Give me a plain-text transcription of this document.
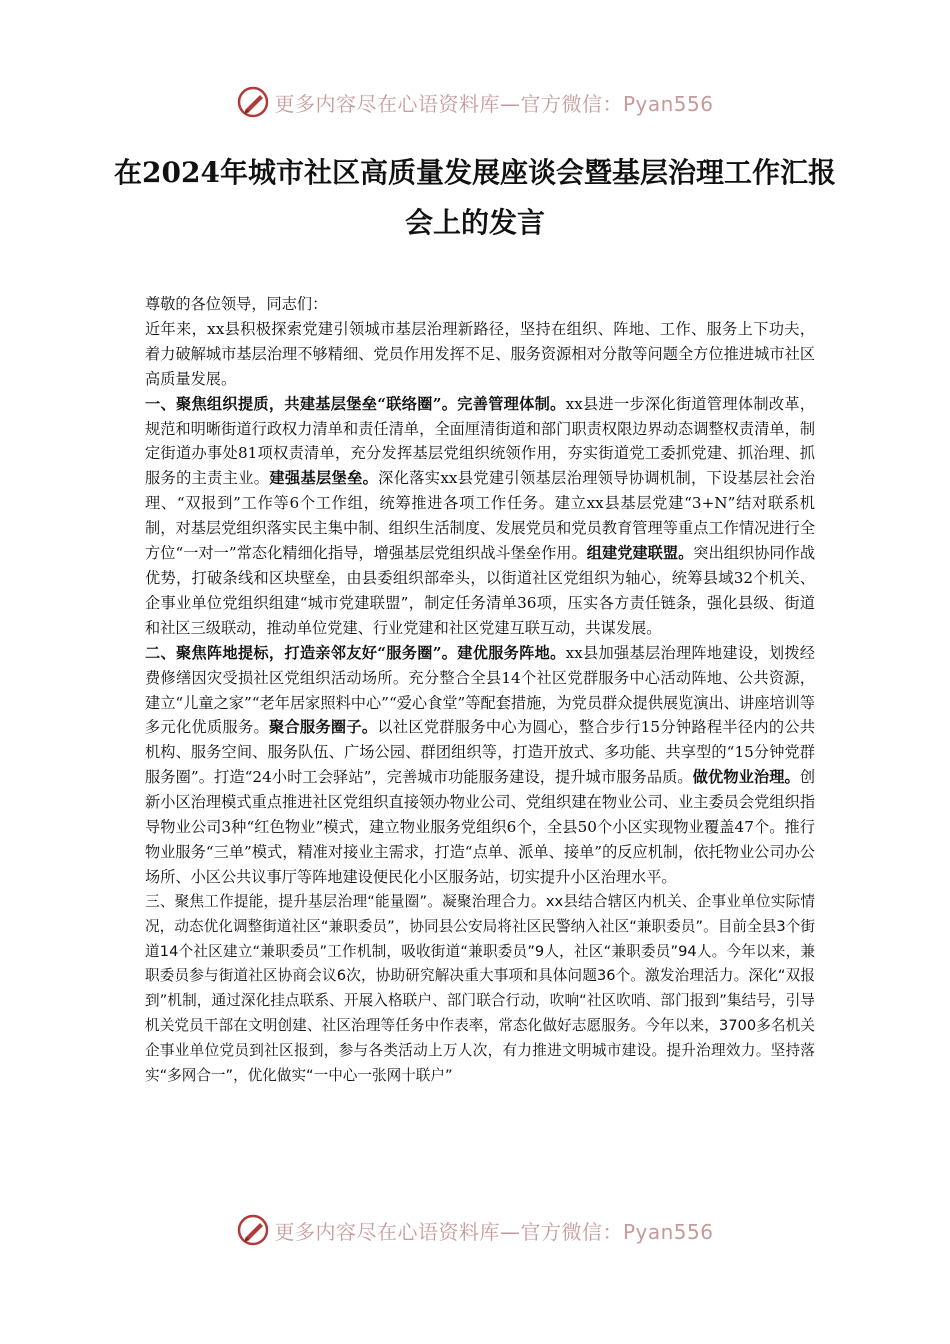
更多内容尽在心语资料库—官方微信：Pyan556
在2024年城市社区高质量发展座谈会暨基层治理工作汇报会上的发言

尊敬的各位领导，同志们：

近年来，xx县积极探索党建引领城市基层治理新路径，坚持在组织、阵地、工作、服务上下功夫，着力破解城市基层治理不够精细、党员作用发挥不足、服务资源相对分散等问题全方位推进城市社区高质量发展。

一、聚焦组织提质，共建基层堡垒“联络圈”。完善管理体制。xx县进一步深化街道管理体制改革，规范和明晰街道行政权力清单和责任清单，全面厘清街道和部门职责权限边界动态调整权责清单，制定街道办事处81项权责清单，充分发挥基层党组织统领作用，夯实街道党工委抓党建、抓治理、抓服务的主责主业。建强基层堡垒。深化落实xx县党建引领基层治理领导协调机制，下设基层社会治理、“双报到”工作等6个工作组，统筹推进各项工作任务。建立xx县基层党建“3+N”结对联系机制，对基层党组织落实民主集中制、组织生活制度、发展党员和党员教育管理等重点工作情况进行全方位“一对一”常态化精细化指导，增强基层党组织战斗堡垒作用。组建党建联盟。突出组织协同作战优势，打破条线和区块壁垒，由县委组织部牵头，以街道社区党组织为轴心，统筹县域32个机关、企事业单位党组织组建“城市党建联盟”，制定任务清单36项，压实各方责任链条，强化县级、街道和社区三级联动，推动单位党建、行业党建和社区党建互联互动，共谋发展。

二、聚焦阵地提标，打造亲邻友好“服务圈”。建优服务阵地。xx县加强基层治理阵地建设，划拨经费修缮因灾受损社区党组织活动场所。充分整合全县14个社区党群服务中心活动阵地、公共资源，建立“儿童之家”“老年居家照料中心”“爱心食堂”等配套措施，为党员群众提供展览演出、讲座培训等多元化优质服务。聚合服务圈子。以社区党群服务中心为圆心，整合步行15分钟路程半径内的公共机构、服务空间、服务队伍、广场公园、群团组织等，打造开放式、多功能、共享型的“15分钟党群服务圈”。打造“24小时工会驿站”，完善城市功能服务建设，提升城市服务品质。做优物业治理。创新小区治理模式重点推进社区党组织直接领办物业公司、党组织建在物业公司、业主委员会党组织指导物业公司3种“红色物业”模式，建立物业服务党组织6个，全县50个小区实现物业覆盖47个。推行物业服务“三单”模式，精准对接业主需求，打造“点单、派单、接单”的反应机制，依托物业公司办公场所、小区公共议事厅等阵地建设便民化小区服务站，切实提升小区治理水平。

三、聚焦工作提能，提升基层治理“能量圈”。凝聚治理合力。xx县结合辖区内机关、企事业单位实际情况，动态优化调整街道社区“兼职委员”，协同县公安局将社区民警纳入社区“兼职委员”。目前全县3个街道14个社区建立“兼职委员”工作机制，吸收街道“兼职委员”9人，社区“兼职委员”94人。今年以来，兼职委员参与街道社区协商会议6次，协助研究解决重大事项和具体问题36个。激发治理活力。深化“双报到”机制，通过深化挂点联系、开展入格联户、部门联合行动，吹响“社区吹哨、部门报到”集结号，引导机关党员干部在文明创建、社区治理等任务中作表率，常态化做好志愿服务。今年以来，3700多名机关企事业单位党员到社区报到，参与各类活动上万人次，有力推进文明城市建设。提升治理效力。坚持落实“多网合一”，优化做实“一中心一张网十联户”

更多内容尽在心语资料库—官方微信：Pyan556
